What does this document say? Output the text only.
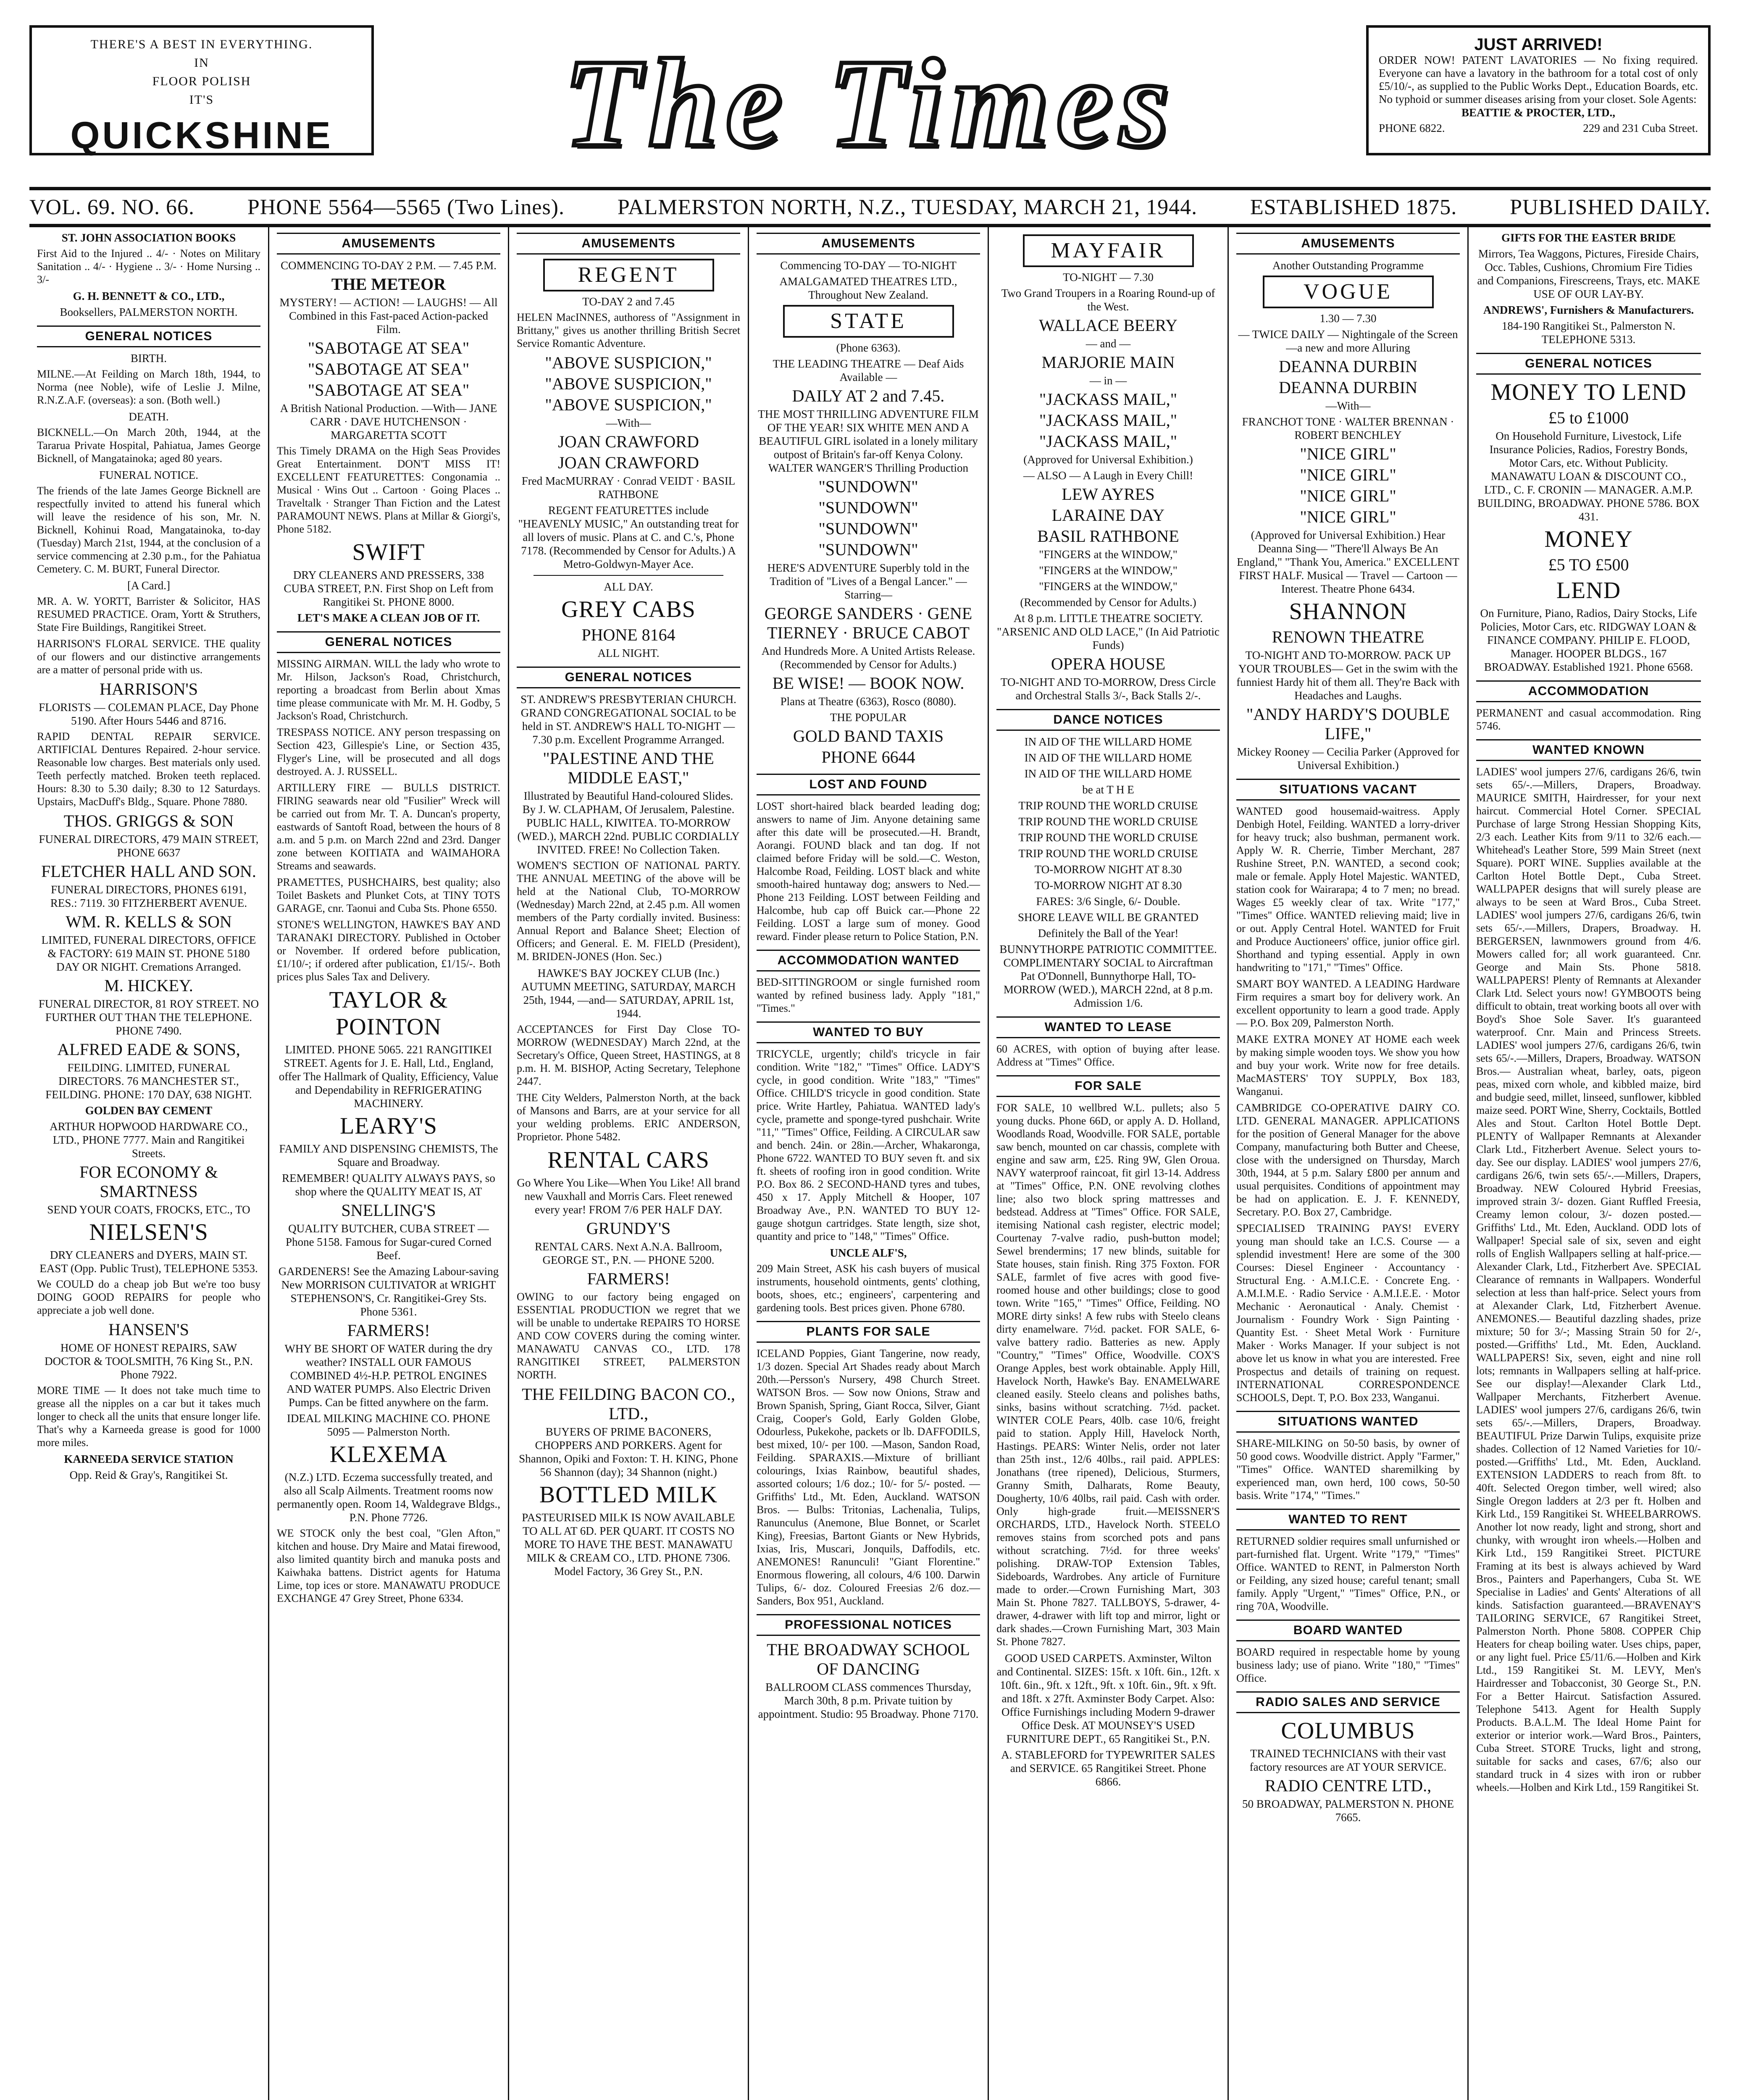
THERE'S A BEST IN EVERYTHING.
IN
FLOOR POLISH
IT'S
QUICKSHINE	The Times	JUST ARRIVED!
ORDER NOW! PATENT LAVATORIES — No fixing required. Everyone can have a lavatory in the bathroom for a total cost of only £5/10/-, as supplied to the Public Works Dept., Education Boards, etc. No typhoid or summer diseases arising from your closet. Sole Agents:
BEATTIE & PROCTER, LTD.,
PHONE 6822.	229 and 231 Cuba Street.
VOL. 69. NO. 66. PHONE 5564—5565 (Two Lines). PALMERSTON NORTH, N.Z., TUESDAY, MARCH 21, 1944. ESTABLISHED 1875. PUBLISHED DAILY.
ST. JOHN ASSOCIATION BOOKS
First Aid to the Injured .. 4/- · Notes on Military Sanitation .. 4/- · Hygiene .. 3/- · Home Nursing .. 3/-
G. H. BENNETT & CO., LTD.,
Booksellers, PALMERSTON NORTH.
GENERAL NOTICES
BIRTH.
MILNE.—At Feilding on March 18th, 1944, to Norma (nee Noble), wife of Leslie J. Milne, R.N.Z.A.F. (overseas): a son. (Both well.)
DEATH.
BICKNELL.—On March 20th, 1944, at the Tararua Private Hospital, Pahiatua, James George Bicknell, of Mangatainoka; aged 80 years.
FUNERAL NOTICE.
The friends of the late James George Bicknell are respectfully invited to attend his funeral which will leave the residence of his son, Mr. N. Bicknell, Kohinui Road, Mangatainoka, to-day (Tuesday) March 21st, 1944, at the conclusion of a service commencing at 2.30 p.m., for the Pahiatua Cemetery. C. M. BURT, Funeral Director.
[A Card.]
MR. A. W. YORTT, Barrister & Solicitor, HAS RESUMED PRACTICE. Oram, Yortt & Struthers, State Fire Buildings, Rangitikei Street.
HARRISON'S FLORAL SERVICE. THE quality of our flowers and our distinctive arrangements are a matter of personal pride with us.
HARRISON'S
FLORISTS — COLEMAN PLACE, Day Phone 5190. After Hours 5446 and 8716.
RAPID DENTAL REPAIR SERVICE. ARTIFICIAL Dentures Repaired. 2-hour service. Reasonable low charges. Best materials only used. Teeth perfectly matched. Broken teeth replaced. Hours: 8.30 to 5.30 daily; 8.30 to 12 Saturdays. Upstairs, MacDuff's Bldg., Square. Phone 7880.
THOS. GRIGGS & SON
FUNERAL DIRECTORS, 479 MAIN STREET, PHONE 6637
FLETCHER HALL AND SON.
FUNERAL DIRECTORS, PHONES 6191, RES.: 7119. 30 FITZHERBERT AVENUE.
WM. R. KELLS & SON
LIMITED, FUNERAL DIRECTORS, OFFICE & FACTORY: 619 MAIN ST. PHONE 5180 DAY OR NIGHT. Cremations Arranged.
M. HICKEY.
FUNERAL DIRECTOR, 81 ROY STREET. NO FURTHER OUT THAN THE TELEPHONE. PHONE 7490.
ALFRED EADE & SONS,
FEILDING. LIMITED, FUNERAL DIRECTORS. 76 MANCHESTER ST., FEILDING. PHONE: 170 DAY, 638 NIGHT.
GOLDEN BAY CEMENT
ARTHUR HOPWOOD HARDWARE CO., LTD., PHONE 7777. Main and Rangitikei Streets.
FOR ECONOMY & SMARTNESS
SEND YOUR COATS, FROCKS, ETC., TO
NIELSEN'S
DRY CLEANERS and DYERS, MAIN ST. EAST (Opp. Public Trust), TELEPHONE 5353.
We COULD do a cheap job But we're too busy DOING GOOD REPAIRS for people who appreciate a job well done.
HANSEN'S
HOME OF HONEST REPAIRS, SAW DOCTOR & TOOLSMITH, 76 King St., P.N. Phone 7922.
MORE TIME — It does not take much time to grease all the nipples on a car but it takes much longer to check all the units that ensure longer life. That's why a Karneeda grease is good for 1000 more miles.
KARNEEDA SERVICE STATION
Opp. Reid & Gray's, Rangitikei St.
AMUSEMENTS
COMMENCING TO-DAY 2 P.M. — 7.45 P.M.
THE METEOR
MYSTERY! — ACTION! — LAUGHS! — All Combined in this Fast-paced Action-packed Film.
"SABOTAGE AT SEA"
"SABOTAGE AT SEA"
"SABOTAGE AT SEA"
A British National Production. —With— JANE CARR · DAVE HUTCHENSON · MARGARETTA SCOTT
This Timely DRAMA on the High Seas Provides Great Entertainment. DON'T MISS IT! EXCELLENT FEATURETTES: Congonamia .. Musical · Wins Out .. Cartoon · Going Places .. Traveltalk · Stranger Than Fiction and the Latest PARAMOUNT NEWS. Plans at Millar & Giorgi's, Phone 5182.
SWIFT
DRY CLEANERS AND PRESSERS, 338 CUBA STREET, P.N. First Shop on Left from Rangitikei St. PHONE 8000.
LET'S MAKE A CLEAN JOB OF IT.
GENERAL NOTICES
MISSING AIRMAN. WILL the lady who wrote to Mr. Hilson, Jackson's Road, Christchurch, reporting a broadcast from Berlin about Xmas time please communicate with Mr. M. H. Godby, 5 Jackson's Road, Christchurch.
TRESPASS NOTICE. ANY person trespassing on Section 423, Gillespie's Line, or Section 435, Flyger's Line, will be prosecuted and all dogs destroyed. A. J. RUSSELL.
ARTILLERY FIRE — BULLS DISTRICT. FIRING seawards near old "Fusilier" Wreck will be carried out from Mr. T. A. Duncan's property, eastwards of Santoft Road, between the hours of 8 a.m. and 5 p.m. on March 22nd and 23rd. Danger zone between KOITIATA and WAIMAHORA Streams and seawards.
PRAMETTES, PUSHCHAIRS, best quality; also Toilet Baskets and Plunket Cots, at TINY TOTS GARAGE, cnr. Taonui and Cuba Sts. Phone 6550.
STONE'S WELLINGTON, HAWKE'S BAY AND TARANAKI DIRECTORY. Published in October or November. If ordered before publication, £1/10/-; if ordered after publication, £1/15/-. Both prices plus Sales Tax and Delivery.
TAYLOR & POINTON
LIMITED. PHONE 5065. 221 RANGITIKEI STREET. Agents for J. E. Hall, Ltd., England, offer The Hallmark of Quality, Efficiency, Value and Dependability in REFRIGERATING MACHINERY.
LEARY'S
FAMILY AND DISPENSING CHEMISTS, The Square and Broadway.
REMEMBER! QUALITY ALWAYS PAYS, so shop where the QUALITY MEAT IS, AT
SNELLING'S
QUALITY BUTCHER, CUBA STREET — Phone 5158. Famous for Sugar-cured Corned Beef.
GARDENERS! See the Amazing Labour-saving New MORRISON CULTIVATOR at WRIGHT STEPHENSON'S, Cr. Rangitikei-Grey Sts. Phone 5361.
FARMERS!
WHY BE SHORT OF WATER during the dry weather? INSTALL OUR FAMOUS COMBINED 4½-H.P. PETROL ENGINES AND WATER PUMPS. Also Electric Driven Pumps. Can be fitted anywhere on the farm.
IDEAL MILKING MACHINE CO. PHONE 5095 — Palmerston North.
KLEXEMA
(N.Z.) LTD. Eczema successfully treated, and also all Scalp Ailments. Treatment rooms now permanently open. Room 14, Waldegrave Bldgs., P.N. Phone 7726.
WE STOCK only the best coal, "Glen Afton," kitchen and house. Dry Maire and Matai firewood, also limited quantity birch and manuka posts and Kaiwhaka battens. District agents for Hatuma Lime, top ices or store. MANAWATU PRODUCE EXCHANGE 47 Grey Street, Phone 6334.
AMUSEMENTS
REGENT
TO-DAY 2 and 7.45
HELEN MacINNES, authoress of "Assignment in Brittany," gives us another thrilling British Secret Service Romantic Adventure.
"ABOVE SUSPICION,"
"ABOVE SUSPICION,"
"ABOVE SUSPICION,"
—With—
JOAN CRAWFORD
JOAN CRAWFORD
Fred MacMURRAY · Conrad VEIDT · BASIL RATHBONE
REGENT FEATURETTES include "HEAVENLY MUSIC," An outstanding treat for all lovers of music. Plans at C. and C.'s, Phone 7178. (Recommended by Censor for Adults.) A Metro-Goldwyn-Mayer Ace.
ALL DAY.
GREY CABS
PHONE 8164
ALL NIGHT.
GENERAL NOTICES
ST. ANDREW'S PRESBYTERIAN CHURCH. GRAND CONGREGATIONAL SOCIAL to be held in ST. ANDREW'S HALL TO-NIGHT — 7.30 p.m. Excellent Programme Arranged.
"PALESTINE AND THE MIDDLE EAST,"
Illustrated by Beautiful Hand-coloured Slides. By J. W. CLAPHAM, Of Jerusalem, Palestine. PUBLIC HALL, KIWITEA. TO-MORROW (WED.), MARCH 22nd. PUBLIC CORDIALLY INVITED. FREE! No Collection Taken.
WOMEN'S SECTION OF NATIONAL PARTY. THE ANNUAL MEETING of the above will be held at the National Club, TO-MORROW (Wednesday) March 22nd, at 2.45 p.m. All women members of the Party cordially invited. Business: Annual Report and Balance Sheet; Election of Officers; and General. E. M. FIELD (President), M. BRIDEN-JONES (Hon. Sec.)
HAWKE'S BAY JOCKEY CLUB (Inc.) AUTUMN MEETING, SATURDAY, MARCH 25th, 1944, —and— SATURDAY, APRIL 1st, 1944.
ACCEPTANCES for First Day Close TO-MORROW (WEDNESDAY) March 22nd, at the Secretary's Office, Queen Street, HASTINGS, at 8 p.m. H. M. BISHOP, Acting Secretary, Telephone 2447.
THE City Welders, Palmerston North, at the back of Mansons and Barrs, are at your service for all your welding problems. ERIC ANDERSON, Proprietor. Phone 5482.
RENTAL CARS
Go Where You Like—When You Like! All brand new Vauxhall and Morris Cars. Fleet renewed every year! FROM 7/6 PER HALF DAY.
GRUNDY'S
RENTAL CARS. Next A.N.A. Ballroom, GEORGE ST., P.N. — PHONE 5200.
FARMERS!
OWING to our factory being engaged on ESSENTIAL PRODUCTION we regret that we will be unable to undertake REPAIRS TO HORSE AND COW COVERS during the coming winter. MANAWATU CANVAS CO., LTD. 178 RANGITIKEI STREET, PALMERSTON NORTH.
THE FEILDING BACON CO., LTD.,
BUYERS OF PRIME BACONERS, CHOPPERS AND PORKERS. Agent for Shannon, Opiki and Foxton: T. H. KING, Phone 56 Shannon (day); 34 Shannon (night.)
BOTTLED MILK
PASTEURISED MILK IS NOW AVAILABLE TO ALL AT 6D. PER QUART. IT COSTS NO MORE TO HAVE THE BEST. MANAWATU MILK & CREAM CO., LTD. PHONE 7306. Model Factory, 36 Grey St., P.N.
AMUSEMENTS
Commencing TO-DAY — TO-NIGHT
AMALGAMATED THEATRES LTD., Throughout New Zealand.
STATE
(Phone 6363).
THE LEADING THEATRE — Deaf Aids Available —
DAILY AT 2 and 7.45.
THE MOST THRILLING ADVENTURE FILM OF THE YEAR! SIX WHITE MEN AND A BEAUTIFUL GIRL isolated in a lonely military outpost of Britain's far-off Kenya Colony. WALTER WANGER'S Thrilling Production
"SUNDOWN"
"SUNDOWN"
"SUNDOWN"
"SUNDOWN"
HERE'S ADVENTURE Superbly told in the Tradition of "Lives of a Bengal Lancer." —Starring—
GEORGE SANDERS · GENE TIERNEY · BRUCE CABOT
And Hundreds More. A United Artists Release. (Recommended by Censor for Adults.)
BE WISE! — BOOK NOW.
Plans at Theatre (6363), Rosco (8080).
THE POPULAR
GOLD BAND TAXIS
PHONE 6644
LOST AND FOUND
LOST short-haired black bearded leading dog; answers to name of Jim. Anyone detaining same after this date will be prosecuted.—H. Brandt, Aorangi. FOUND black and tan dog. If not claimed before Friday will be sold.—C. Weston, Halcombe Road, Feilding. LOST black and white smooth-haired huntaway dog; answers to Ned.—Phone 213 Feilding. LOST between Feilding and Halcombe, hub cap off Buick car.—Phone 22 Feilding. LOST a large sum of money. Good reward. Finder please return to Police Station, P.N.
ACCOMMODATION WANTED
BED-SITTINGROOM or single furnished room wanted by refined business lady. Apply "181," "Times."
WANTED TO BUY
TRICYCLE, urgently; child's tricycle in fair condition. Write "182," "Times" Office. LADY'S cycle, in good condition. Write "183," "Times" Office. CHILD'S tricycle in good condition. State price. Write Hartley, Pahiatua. WANTED lady's cycle, pramette and sponge-tyred pushchair. Write "11," "Times" Office, Feilding. A CIRCULAR saw and bench. 24in. or 28in.—Archer, Whakaronga, Phone 6722. WANTED TO BUY seven ft. and six ft. sheets of roofing iron in good condition. Write P.O. Box 86. 2 SECOND-HAND tyres and tubes, 450 x 17. Apply Mitchell & Hooper, 107 Broadway Ave., P.N. WANTED TO BUY 12-gauge shotgun cartridges. State length, size shot, quantity and price to "148," "Times" Office.
UNCLE ALF'S,
209 Main Street, ASK his cash buyers of musical instruments, household ointments, gents' clothing, boots, shoes, etc.; engineers', carpentering and gardening tools. Best prices given. Phone 6780.
PLANTS FOR SALE
ICELAND Poppies, Giant Tangerine, now ready, 1/3 dozen. Special Art Shades ready about March 20th.—Persson's Nursery, 498 Church Street. WATSON Bros. — Sow now Onions, Straw and Brown Spanish, Spring, Giant Rocca, Silver, Giant Craig, Cooper's Gold, Early Golden Globe, Odourless, Pukekohe, packets or lb. DAFFODILS, best mixed, 10/- per 100. —Mason, Sandon Road, Feilding. SPARAXIS.—Mixture of brilliant colourings, Ixias Rainbow, beautiful shades, assorted colours; 1/6 doz.; 10/- for 5/- posted. — Griffiths' Ltd., Mt. Eden, Auckland. WATSON Bros. — Bulbs: Tritonias, Lachenalia, Tulips, Ranunculus (Anemone, Blue Bonnet, or Scarlet King), Freesias, Bartont Giants or New Hybrids, Ixias, Iris, Muscari, Jonquils, Daffodils, etc. ANEMONES! Ranunculi! "Giant Florentine." Enormous flowering, all colours, 4/6 100. Darwin Tulips, 6/- doz. Coloured Freesias 2/6 doz.—Sanders, Box 951, Auckland.
PROFESSIONAL NOTICES
THE BROADWAY SCHOOL OF DANCING
BALLROOM CLASS commences Thursday, March 30th, 8 p.m. Private tuition by appointment. Studio: 95 Broadway. Phone 7170.
MAYFAIR
TO-NIGHT — 7.30
Two Grand Troupers in a Roaring Round-up of the West.
WALLACE BEERY
— and —
MARJORIE MAIN
— in —
"JACKASS MAIL,"
"JACKASS MAIL,"
"JACKASS MAIL,"
(Approved for Universal Exhibition.)
— ALSO — A Laugh in Every Chill!
LEW AYRES
LARAINE DAY
BASIL RATHBONE
"FINGERS at the WINDOW,"
"FINGERS at the WINDOW,"
"FINGERS at the WINDOW,"
(Recommended by Censor for Adults.)
At 8 p.m. LITTLE THEATRE SOCIETY. "ARSENIC AND OLD LACE," (In Aid Patriotic Funds)
OPERA HOUSE
TO-NIGHT AND TO-MORROW, Dress Circle and Orchestral Stalls 3/-, Back Stalls 2/-.
DANCE NOTICES
IN AID OF THE WILLARD HOME
IN AID OF THE WILLARD HOME
IN AID OF THE WILLARD HOME
be at T H E
TRIP ROUND THE WORLD CRUISE
TRIP ROUND THE WORLD CRUISE
TRIP ROUND THE WORLD CRUISE
TRIP ROUND THE WORLD CRUISE
TO-MORROW NIGHT AT 8.30
TO-MORROW NIGHT AT 8.30
FARES: 3/6 Single, 6/- Double.
SHORE LEAVE WILL BE GRANTED
Definitely the Ball of the Year!
BUNNYTHORPE PATRIOTIC COMMITTEE. COMPLIMENTARY SOCIAL to Aircraftman Pat O'Donnell, Bunnythorpe Hall, TO-MORROW (WED.), MARCH 22nd, at 8 p.m. Admission 1/6.
WANTED TO LEASE
60 ACRES, with option of buying after lease. Address at "Times" Office.
FOR SALE
FOR SALE, 10 wellbred W.L. pullets; also 5 young ducks. Phone 66D, or apply A. D. Holland, Woodlands Road, Woodville. FOR SALE, portable saw bench, mounted on car chassis, complete with engine and saw arm, £25. Ring 9W, Glen Oroua. NAVY waterproof raincoat, fit girl 13-14. Address at "Times" Office, P.N. ONE revolving clothes line; also two block spring mattresses and bedstead. Address at "Times" Office. FOR SALE, itemising National cash register, electric model; Courtenay 7-valve radio, push-button model; Sewel brendermins; 17 new blinds, suitable for State houses, stain finish. Ring 375 Foxton. FOR SALE, farmlet of five acres with good five-roomed house and other buildings; close to good town. Write "165," "Times" Office, Feilding. NO MORE dirty sinks! A few rubs with Steelo cleans dirty enamelware. 7½d. packet. FOR SALE, 6-valve battery radio. Batteries as new. Apply "Country," "Times" Office, Woodville. COX'S Orange Apples, best work obtainable. Apply Hill, Havelock North, Hawke's Bay. ENAMELWARE cleaned easily. Steelo cleans and polishes baths, sinks, basins without scratching. 7½d. packet. WINTER COLE Pears, 40lb. case 10/6, freight paid to station. Apply Hill, Havelock North, Hastings. PEARS: Winter Nelis, order not later than 25th inst., 12/6 40lbs., rail paid. APPLES: Jonathans (tree ripened), Delicious, Sturmers, Granny Smith, Dalharats, Rome Beauty, Dougherty, 10/6 40lbs, rail paid. Cash with order. Only high-grade fruit.—MEISSNER'S ORCHARDS, LTD., Havelock North. STEELO removes stains from scorched pots and pans without scratching. 7½d. for three weeks' polishing. DRAW-TOP Extension Tables, Sideboards, Wardrobes. Any article of Furniture made to order.—Crown Furnishing Mart, 303 Main St. Phone 7827. TALLBOYS, 5-drawer, 4-drawer, 4-drawer with lift top and mirror, light or dark shades.—Crown Furnishing Mart, 303 Main St. Phone 7827.
GOOD USED CARPETS. Axminster, Wilton and Continental. SIZES: 15ft. x 10ft. 6in., 12ft. x 10ft. 6in., 9ft. x 12ft., 9ft. x 10ft. 6in., 9ft. x 9ft. and 18ft. x 27ft. Axminster Body Carpet. Also: Office Furnishings including Modern 9-drawer Office Desk. AT MOUNSEY'S USED FURNITURE DEPT., 65 Rangitikei St., P.N.
A. STABLEFORD for TYPEWRITER SALES and SERVICE. 65 Rangitikei Street. Phone 6866.
AMUSEMENTS
Another Outstanding Programme
VOGUE
1.30 — 7.30
— TWICE DAILY — Nightingale of the Screen—a new and more Alluring
DEANNA DURBIN
DEANNA DURBIN
—With—
FRANCHOT TONE · WALTER BRENNAN · ROBERT BENCHLEY
"NICE GIRL"
"NICE GIRL"
"NICE GIRL"
"NICE GIRL"
(Approved for Universal Exhibition.) Hear Deanna Sing— "There'll Always Be An England," "Thank You, America." EXCELLENT FIRST HALF. Musical — Travel — Cartoon — Interest. Theatre Phone 6434.
SHANNON
RENOWN THEATRE
TO-NIGHT AND TO-MORROW. PACK UP YOUR TROUBLES— Get in the swim with the funniest Hardy hit of them all. They're Back with Headaches and Laughs.
"ANDY HARDY'S DOUBLE LIFE,"
Mickey Rooney — Cecilia Parker (Approved for Universal Exhibition.)
SITUATIONS VACANT
WANTED good housemaid-waitress. Apply Denbigh Hotel, Feilding. WANTED a lorry-driver for heavy truck; also bushman, permanent work. Apply W. R. Cherrie, Timber Merchant, 287 Rushine Street, P.N. WANTED, a second cook; male or female. Apply Hotel Majestic. WANTED, station cook for Wairarapa; 4 to 7 men; no bread. Wages £5 weekly clear of tax. Write "177," "Times" Office. WANTED relieving maid; live in or out. Apply Central Hotel. WANTED for Fruit and Produce Auctioneers' office, junior office girl. Shorthand and typing essential. Apply in own handwriting to "171," "Times" Office.
SMART BOY WANTED. A LEADING Hardware Firm requires a smart boy for delivery work. An excellent opportunity to learn a good trade. Apply— P.O. Box 209, Palmerston North.
MAKE EXTRA MONEY AT HOME each week by making simple wooden toys. We show you how and buy your work. Write now for free details. MacMASTERS' TOY SUPPLY, Box 183, Wanganui.
CAMBRIDGE CO-OPERATIVE DAIRY CO. LTD. GENERAL MANAGER. APPLICATIONS for the position of General Manager for the above Company, manufacturing both Butter and Cheese, close with the undersigned on Thursday, March 30th, 1944, at 5 p.m. Salary £800 per annum and usual perquisites. Conditions of appointment may be had on application. E. J. F. KENNEDY, Secretary. P.O. Box 27, Cambridge.
SPECIALISED TRAINING PAYS! EVERY young man should take an I.C.S. Course — a splendid investment! Here are some of the 300 Courses: Diesel Engineer · Accountancy · Structural Eng. · A.M.I.C.E. · Concrete Eng. · A.M.I.M.E. · Radio Service · A.M.I.E.E. · Motor Mechanic · Aeronautical · Analy. Chemist · Journalism · Foundry Work · Sign Painting · Quantity Est. · Sheet Metal Work · Furniture Maker · Works Manager. If your subject is not above let us know in what you are interested. Free Prospectus and details of training on request. INTERNATIONAL CORRESPONDENCE SCHOOLS, Dept. T, P.O. Box 233, Wanganui.
SITUATIONS WANTED
SHARE-MILKING on 50-50 basis, by owner of 50 good cows. Woodville district. Apply "Farmer," "Times" Office. WANTED sharemilking by experienced man, own herd, 100 cows, 50-50 basis. Write "174," "Times."
WANTED TO RENT
RETURNED soldier requires small unfurnished or part-furnished flat. Urgent. Write "179," "Times" Office. WANTED to RENT, in Palmerston North or Feilding, any sized house; careful tenant; small family. Apply "Urgent," "Times" Office, P.N., or ring 70A, Woodville.
BOARD WANTED
BOARD required in respectable home by young business lady; use of piano. Write "180," "Times" Office.
RADIO SALES AND SERVICE
COLUMBUS
TRAINED TECHNICIANS with their vast factory resources are AT YOUR SERVICE.
RADIO CENTRE LTD.,
50 BROADWAY, PALMERSTON N. PHONE 7665.
GIFTS FOR THE EASTER BRIDE
Mirrors, Tea Waggons, Pictures, Fireside Chairs, Occ. Tables, Cushions, Chromium Fire Tidies and Companions, Firescreens, Trays, etc. MAKE USE OF OUR LAY-BY.
ANDREWS', Furnishers & Manufacturers.
184-190 Rangitikei St., Palmerston N. TELEPHONE 5313.
GENERAL NOTICES
MONEY TO LEND
£5 to £1000
On Household Furniture, Livestock, Life Insurance Policies, Radios, Forestry Bonds, Motor Cars, etc. Without Publicity. MANAWATU LOAN & DISCOUNT CO., LTD., C. F. CRONIN — MANAGER. A.M.P. BUILDING, BROADWAY. PHONE 5786. BOX 431.
MONEY
£5 TO £500
LEND
On Furniture, Piano, Radios, Dairy Stocks, Life Policies, Motor Cars, etc. RIDGWAY LOAN & FINANCE COMPANY. PHILIP E. FLOOD, Manager. HOOPER BLDGS., 167 BROADWAY. Established 1921. Phone 6568.
ACCOMMODATION
PERMANENT and casual accommodation. Ring 5746.
WANTED KNOWN
LADIES' wool jumpers 27/6, cardigans 26/6, twin sets 65/-.—Millers, Drapers, Broadway. MAURICE SMITH, Hairdresser, for your next haircut. Commercial Hotel Corner. SPECIAL Purchase of large Strong Hessian Shopping Kits, 2/3 each. Leather Kits from 9/11 to 32/6 each.—Whitehead's Leather Store, 599 Main Street (next Square). PORT WINE. Supplies available at the Carlton Hotel Bottle Dept., Cuba Street. WALLPAPER designs that will surely please are always to be seen at Ward Bros., Cuba Street. LADIES' wool jumpers 27/6, cardigans 26/6, twin sets 65/-.—Millers, Drapers, Broadway. H. BERGERSEN, lawnmowers ground from 4/6. Mowers called for; all work guaranteed. Cnr. George and Main Sts. Phone 5818. WALLPAPERS! Plenty of Remnants at Alexander Clark Ltd. Select yours now! GYMBOOTS being difficult to obtain, treat working boots all over with Boyd's Shoe Sole Saver. It's guaranteed waterproof. Cnr. Main and Princess Streets. LADIES' wool jumpers 27/6, cardigans 26/6, twin sets 65/-.—Millers, Drapers, Broadway. WATSON Bros.— Australian wheat, barley, oats, pigeon peas, mixed corn whole, and kibbled maize, bird and budgie seed, millet, linseed, sunflower, kibbled maize seed. PORT Wine, Sherry, Cocktails, Bottled Ales and Stout. Carlton Hotel Bottle Dept. PLENTY of Wallpaper Remnants at Alexander Clark Ltd., Fitzherbert Avenue. Select yours to-day. See our display. LADIES' wool jumpers 27/6, cardigans 26/6, twin sets 65/-.—Millers, Drapers, Broadway. NEW Coloured Hybrid Freesias, improved strain 3/- dozen. Giant Ruffled Freesia, Creamy lemon colour, 3/- dozen posted.—Griffiths' Ltd., Mt. Eden, Auckland. ODD lots of Wallpaper! Special sale of six, seven and eight rolls of English Wallpapers selling at half-price.—Alexander Clark, Ltd., Fitzherbert Ave. SPECIAL Clearance of remnants in Wallpapers. Wonderful selection at less than half-price. Select yours from at Alexander Clark, Ltd, Fitzherbert Avenue. ANEMONES.— Beautiful dazzling shades, prize mixture; 50 for 3/-; Massing Strain 50 for 2/-, posted.—Griffiths' Ltd., Mt. Eden, Auckland. WALLPAPERS! Six, seven, eight and nine roll lots; remnants in Wallpapers selling at half-price. See our display!—Alexander Clark Ltd., Wallpaper Merchants, Fitzherbert Avenue. LADIES' wool jumpers 27/6, cardigans 26/6, twin sets 65/-.—Millers, Drapers, Broadway. BEAUTIFUL Prize Darwin Tulips, exquisite prize shades. Collection of 12 Named Varieties for 10/- posted.—Griffiths' Ltd., Mt. Eden, Auckland. EXTENSION LADDERS to reach from 8ft. to 40ft. Selected Oregon timber, well wired; also Single Oregon ladders at 2/3 per ft. Holben and Kirk Ltd., 159 Rangitikei St. WHEELBARROWS. Another lot now ready, light and strong, short and chunky, with wrought iron wheels.—Holben and Kirk Ltd., 159 Rangitikei Street. PICTURE Framing at its best is always achieved by Ward Bros., Painters and Paperhangers, Cuba St. WE Specialise in Ladies' and Gents' Alterations of all kinds. Satisfaction guaranteed.—BRAVENAY'S TAILORING SERVICE, 67 Rangitikei Street, Palmerston North. Phone 5808. COPPER Chip Heaters for cheap boiling water. Uses chips, paper, or any light fuel. Price £5/11/6.—Holben and Kirk Ltd., 159 Rangitikei St. M. LEVY, Men's Hairdresser and Tobacconist, 30 George St., P.N. For a Better Haircut. Satisfaction Assured. Telephone 5413. Agent for Health Supply Products. B.A.L.M. The Ideal Home Paint for exterior or interior work.—Ward Bros., Painters, Cuba Street. STORE Trucks, light and strong, suitable for sacks and cases, 67/6; also our standard truck in 4 sizes with iron or rubber wheels.—Holben and Kirk Ltd., 159 Rangitikei St.
